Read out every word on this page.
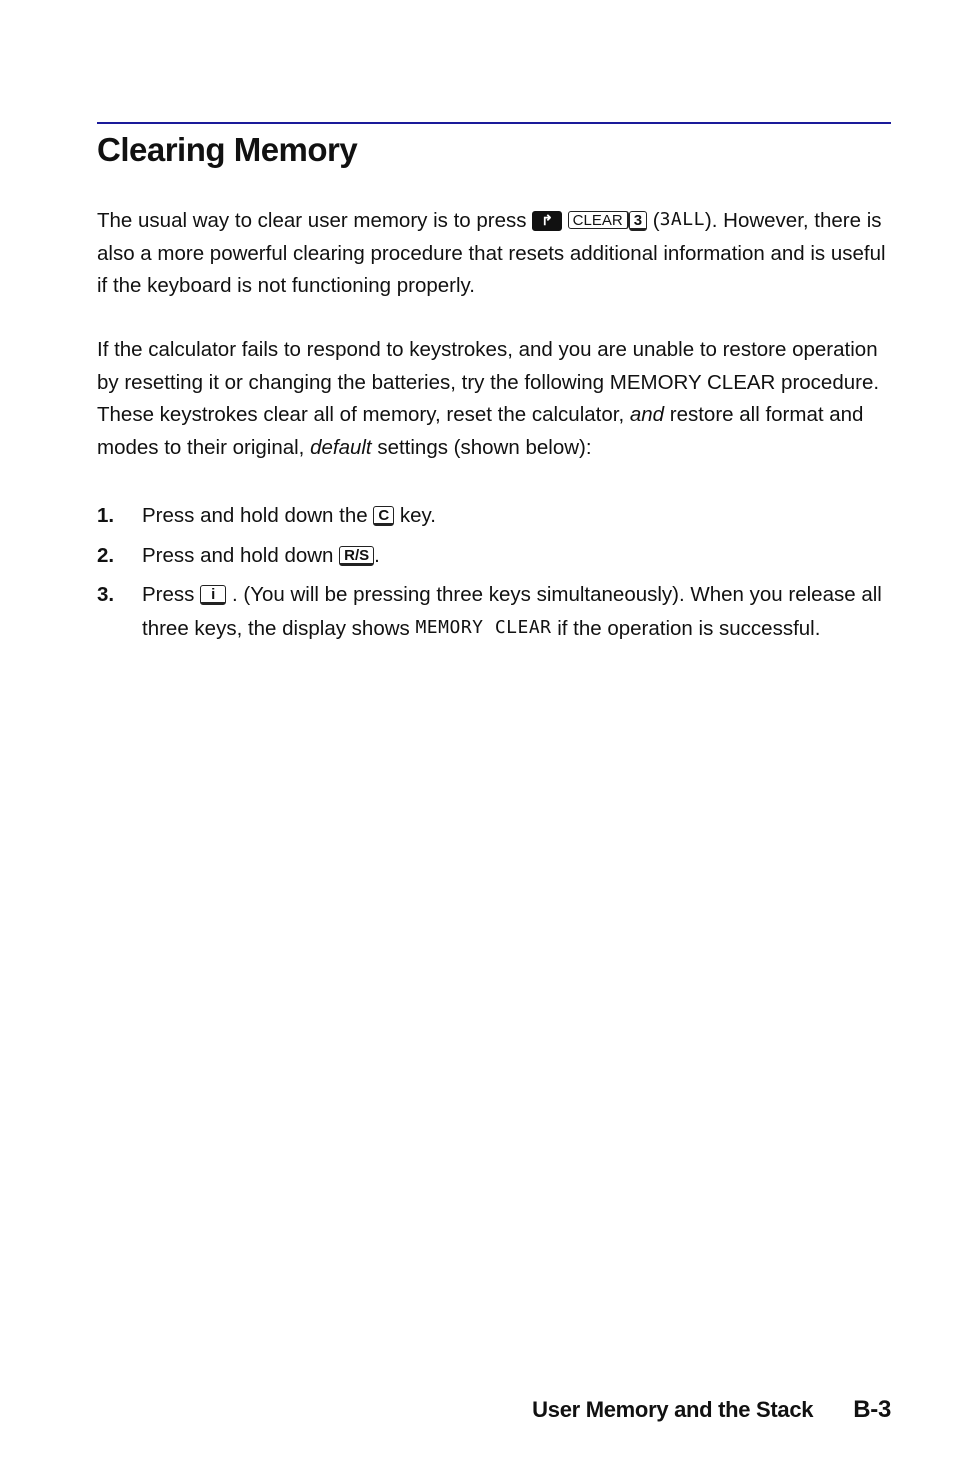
Clearing Memory

The usual way to clear user memory is to press ↱ CLEAR 3 (3ALL). However, there is also a more powerful clearing procedure that resets additional information and is useful if the keyboard is not functioning properly.

If the calculator fails to respond to keystrokes, and you are unable to restore operation by resetting it or changing the batteries, try the following MEMORY CLEAR procedure. These keystrokes clear all of memory, reset the calculator, and restore all format and modes to their original, default settings (shown below):

1. Press and hold down the C key.
2. Press and hold down R/S .
3. Press i . (You will be pressing three keys simultaneously). When you release all three keys, the display shows MEMORY CLEAR if the operation is successful.
User Memory and the Stack B-3
